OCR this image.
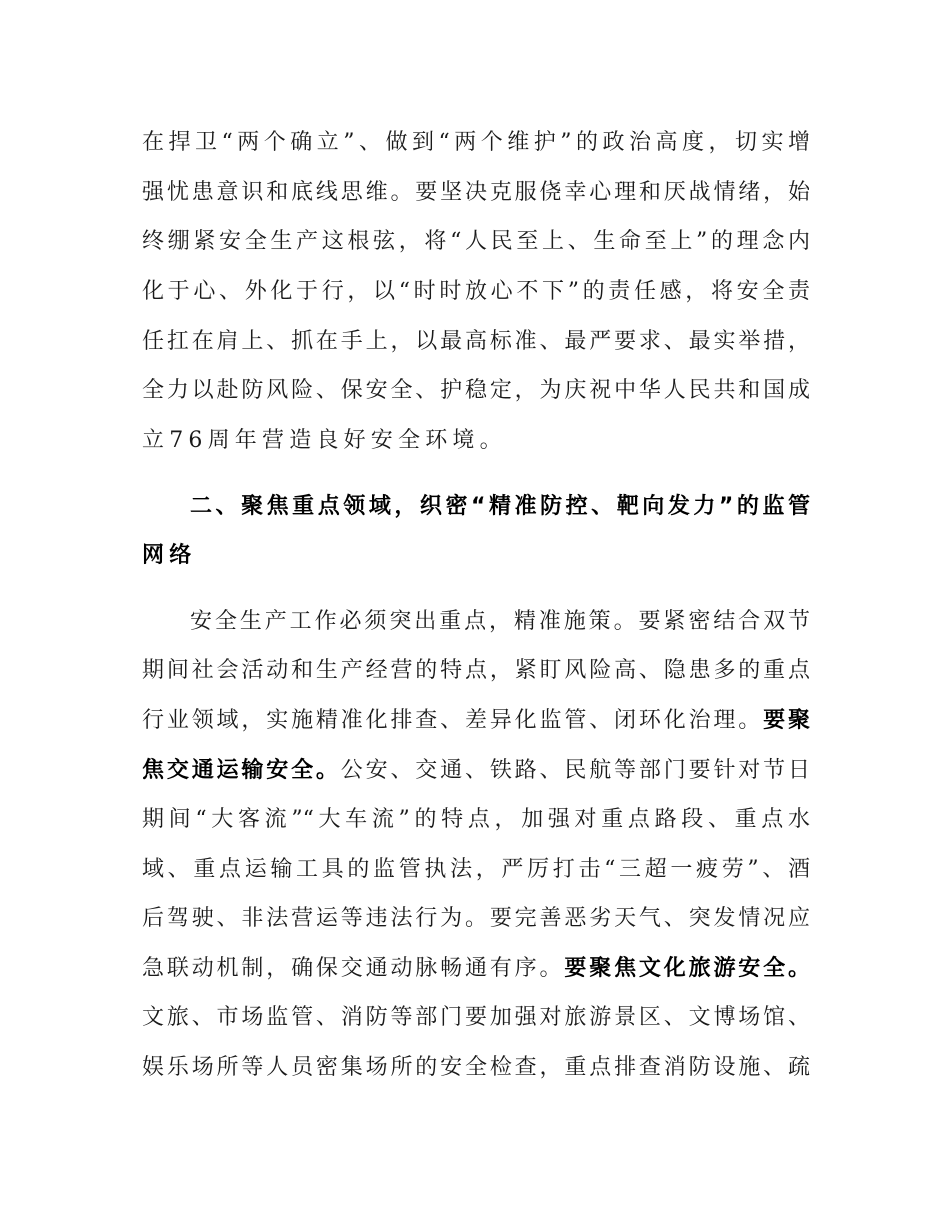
在捍卫“两个确立”、做到“两个维护”的政治高度，切实增
强忧患意识和底线思维。要坚决克服侥幸心理和厌战情绪，始
终绷紧安全生产这根弦，将“人民至上、生命至上”的理念内
化于心、外化于行，以“时时放心不下”的责任感，将安全责
任扛在肩上、抓在手上，以最高标准、最严要求、最实举措，
全力以赴防风险、保安全、护稳定，为庆祝中华人民共和国成
立76周年营造良好安全环境。
二、聚焦重点领域，织密“精准防控、靶向发力”的监管
网络
安全生产工作必须突出重点，精准施策。要紧密结合双节
期间社会活动和生产经营的特点，紧盯风险高、隐患多的重点
行业领域，实施精准化排查、差异化监管、闭环化治理。要聚
焦交通运输安全。公安、交通、铁路、民航等部门要针对节日
期间“大客流”“大车流”的特点，加强对重点路段、重点水
域、重点运输工具的监管执法，严厉打击“三超一疲劳”、酒
后驾驶、非法营运等违法行为。要完善恶劣天气、突发情况应
急联动机制，确保交通动脉畅通有序。要聚焦文化旅游安全。
文旅、市场监管、消防等部门要加强对旅游景区、文博场馆、
娱乐场所等人员密集场所的安全检查，重点排查消防设施、疏
